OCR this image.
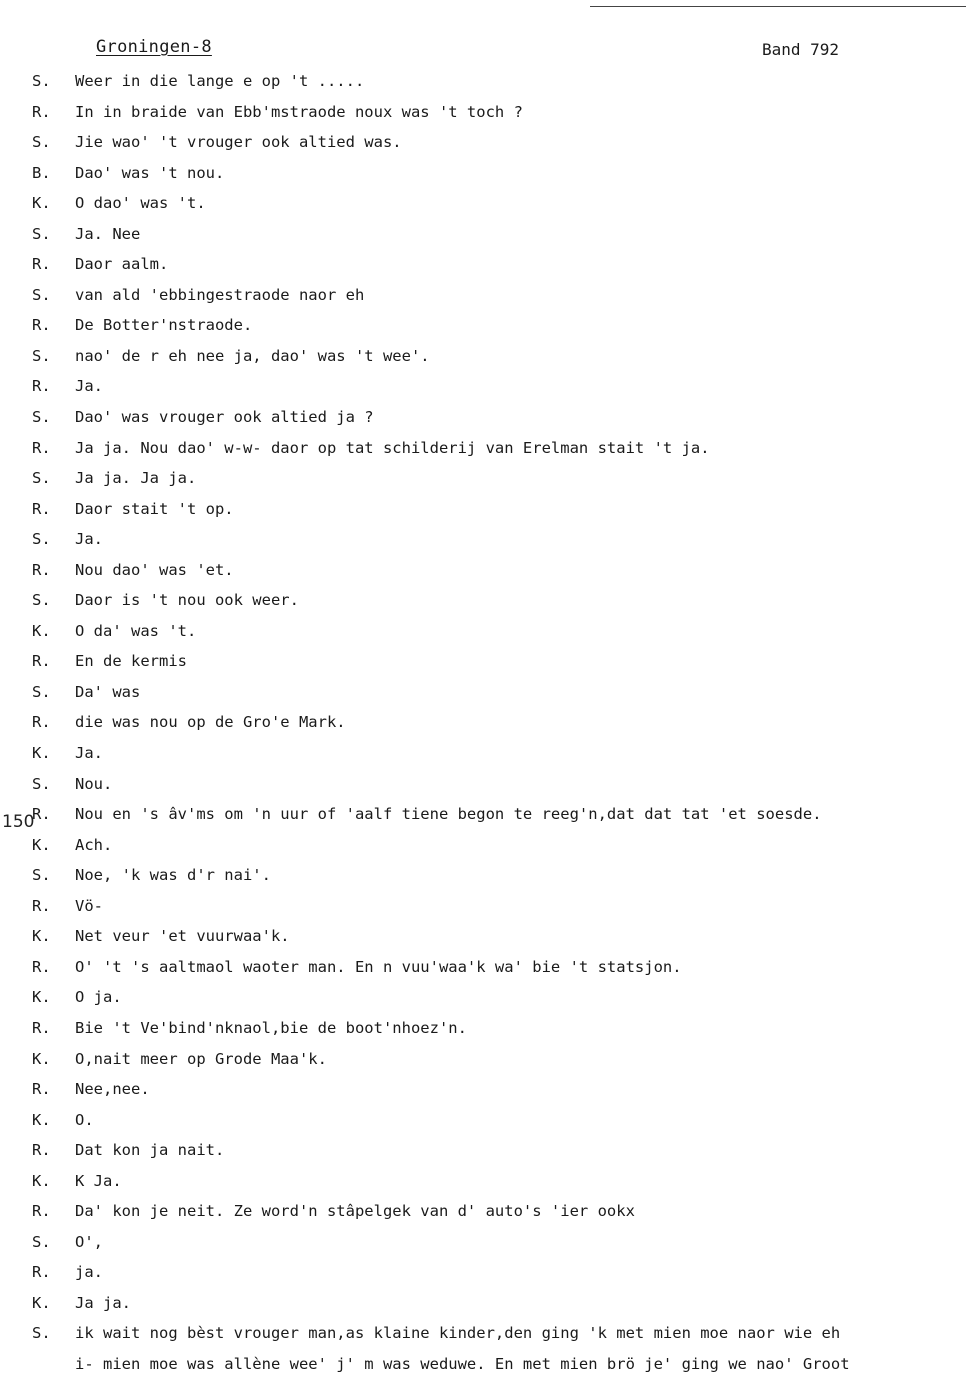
Groningen-8	Band 792
150
S. Weer in die lange e op 't .....
R. In in braide van Ebb'mstraode noux was 't toch ?
S. Jie wao' 't vrouger ook altied was.
B. Dao' was 't nou.
K. O dao' was 't.
S. Ja. Nee
R. Daor aalm.
S. van ald 'ebbingestraode naor eh
R. De Botter'nstraode.
S. nao' de r eh nee ja, dao' was 't wee'.
R. Ja.
S. Dao' was vrouger ook altied ja ?
R. Ja ja. Nou dao' w-w- daor op tat schilderij van Erelman stait 't ja.
S. Ja ja. Ja ja.
R. Daor stait 't op.
S. Ja.
R. Nou dao' was 'et.
S. Daor is 't nou ook weer.
K. O da' was 't.
R. En de kermis
S. Da' was
R. die was nou op de Gro'e Mark.
K. Ja.
S. Nou.
R. Nou en 's âv'ms om 'n uur of 'aalf tiene begon te reeg'n,dat dat tat 'et soesde.
K. Ach.
S. Noe, 'k was d'r nai'.
R. Vö-
K. Net veur 'et vuurwaa'k.
R. O' 't 's aaltmaol waoter man. En n vuu'waa'k wa' bie 't statsjon.
K. O ja.
R. Bie 't Ve'bind'nknaol,bie de boot'nhoez'n.
K. O,nait meer op Grode Maa'k.
R. Nee,nee.
K. O.
R. Dat kon ja nait.
K. K Ja.
R. Da' kon je neit. Ze word'n stâpelgek van d' auto's 'ier ookx
S. O',
R. ja.
K. Ja ja.
S. ik wait nog bèst vrouger man,as klaine kinder,den ging 'k met mien moe naor wie eh
i- mien moe was allène wee' j' m was weduwe. En met mien brö je' ging we nao' Groot
